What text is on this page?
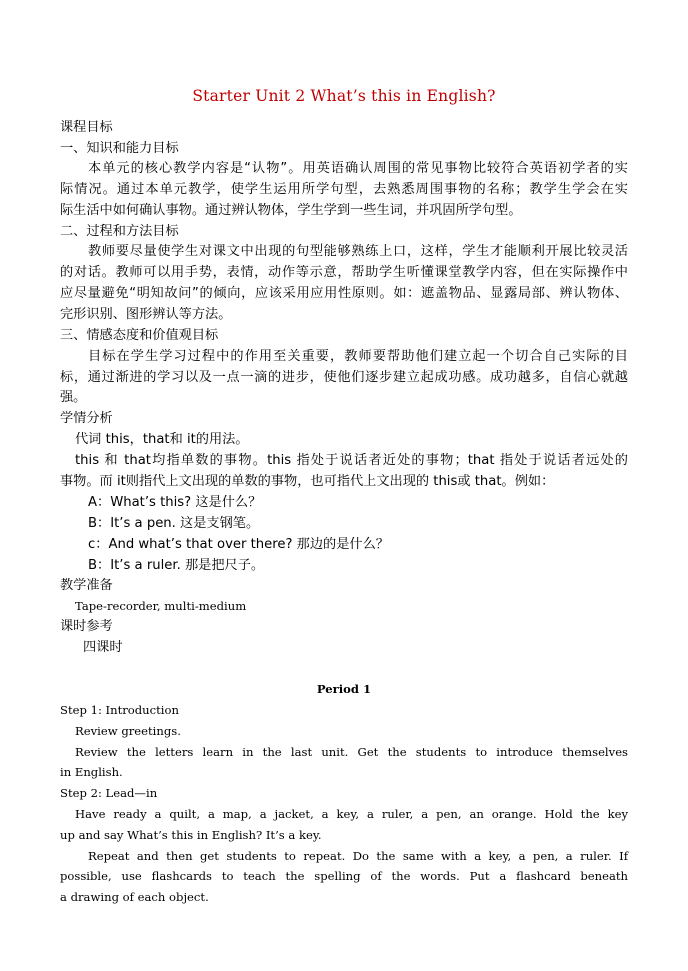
Starter Unit 2 What’s this in English?
课程目标
一、知识和能力目标
本单元的核心教学内容是“认物”。用英语确认周围的常见事物比较符合英语初学者的实
际情况。通过本单元教学，使学生运用所学句型，去熟悉周围事物的名称；教学生学会在实
际生活中如何确认事物。通过辨认物体，学生学到一些生词，并巩固所学句型。
二、过程和方法目标
教师要尽量使学生对课文中出现的句型能够熟练上口，这样，学生才能顺利开展比较灵活
的对话。教师可以用手势，表情，动作等示意，帮助学生听懂课堂教学内容，但在实际操作中
应尽量避免“明知故问”的倾向，应该采用应用性原则。如：遮盖物品、显露局部、辨认物体、
完形识别、图形辨认等方法。
三、情感态度和价值观目标
目标在学生学习过程中的作用至关重要，教师要帮助他们建立起一个切合自己实际的目
标，通过渐进的学习以及一点一滴的进步，使他们逐步建立起成功感。成功越多，自信心就越
强。
学情分析
代词 this，that和 it的用法。
this 和 that均指单数的事物。this 指处于说话者近处的事物；that 指处于说话者远处的
事物。而 it则指代上文出现的单数的事物，也可指代上文出现的 this或 that。例如：
A：What’s this? 这是什么？
B：It’s a pen. 这是支钢笔。
c：And what’s that over there? 那边的是什么？
B：It’s a ruler. 那是把尺子。
教学准备
Tape-recorder, multi-medium
课时参考
四课时
Period 1
Step 1: Introduction
Review greetings.
Review the letters learn in the last unit. Get the students to introduce themselves
in English.
Step 2: Lead—in
Have ready a quilt, a map, a jacket, a key, a ruler, a pen, an orange. Hold the key
up and say What’s this in English? It’s a key.
Repeat and then get students to repeat. Do the same with a key, a pen, a ruler. If
possible, use flashcards to teach the spelling of the words. Put a flashcard beneath
a drawing of each object.
